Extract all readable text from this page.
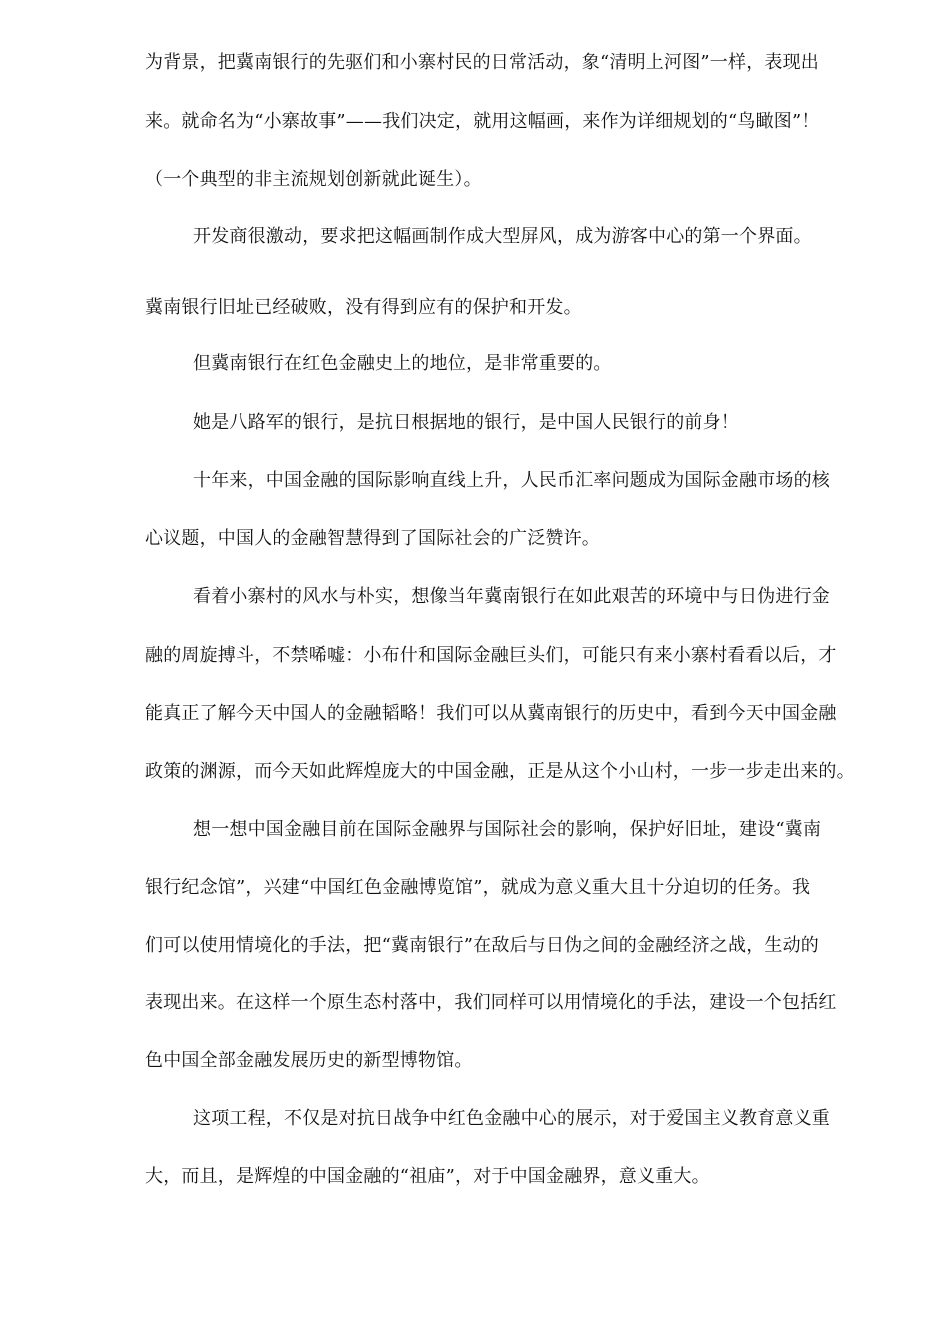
为背景，把冀南银行的先驱们和小寨村民的日常活动，象“清明上河图”一样，表现出
来。就命名为“小寨故事”——我们决定，就用这幅画，来作为详细规划的“鸟瞰图”！
（一个典型的非主流规划创新就此诞生）。
开发商很激动，要求把这幅画制作成大型屏风，成为游客中心的第一个界面。
冀南银行旧址已经破败，没有得到应有的保护和开发。
但冀南银行在红色金融史上的地位，是非常重要的。
她是八路军的银行，是抗日根据地的银行，是中国人民银行的前身！
十年来，中国金融的国际影响直线上升，人民币汇率问题成为国际金融市场的核
心议题，中国人的金融智慧得到了国际社会的广泛赞许。
看着小寨村的风水与朴实，想像当年冀南银行在如此艰苦的环境中与日伪进行金
融的周旋搏斗，不禁唏嘘：小布什和国际金融巨头们，可能只有来小寨村看看以后，才
能真正了解今天中国人的金融韬略！我们可以从冀南银行的历史中，看到今天中国金融
政策的渊源，而今天如此辉煌庞大的中国金融，正是从这个小山村，一步一步走出来的。
想一想中国金融目前在国际金融界与国际社会的影响，保护好旧址，建设“冀南
银行纪念馆”，兴建“中国红色金融博览馆”，就成为意义重大且十分迫切的任务。我
们可以使用情境化的手法，把“冀南银行”在敌后与日伪之间的金融经济之战，生动的
表现出来。在这样一个原生态村落中，我们同样可以用情境化的手法，建设一个包括红
色中国全部金融发展历史的新型博物馆。
这项工程，不仅是对抗日战争中红色金融中心的展示，对于爱国主义教育意义重
大，而且，是辉煌的中国金融的“祖庙”，对于中国金融界，意义重大。
